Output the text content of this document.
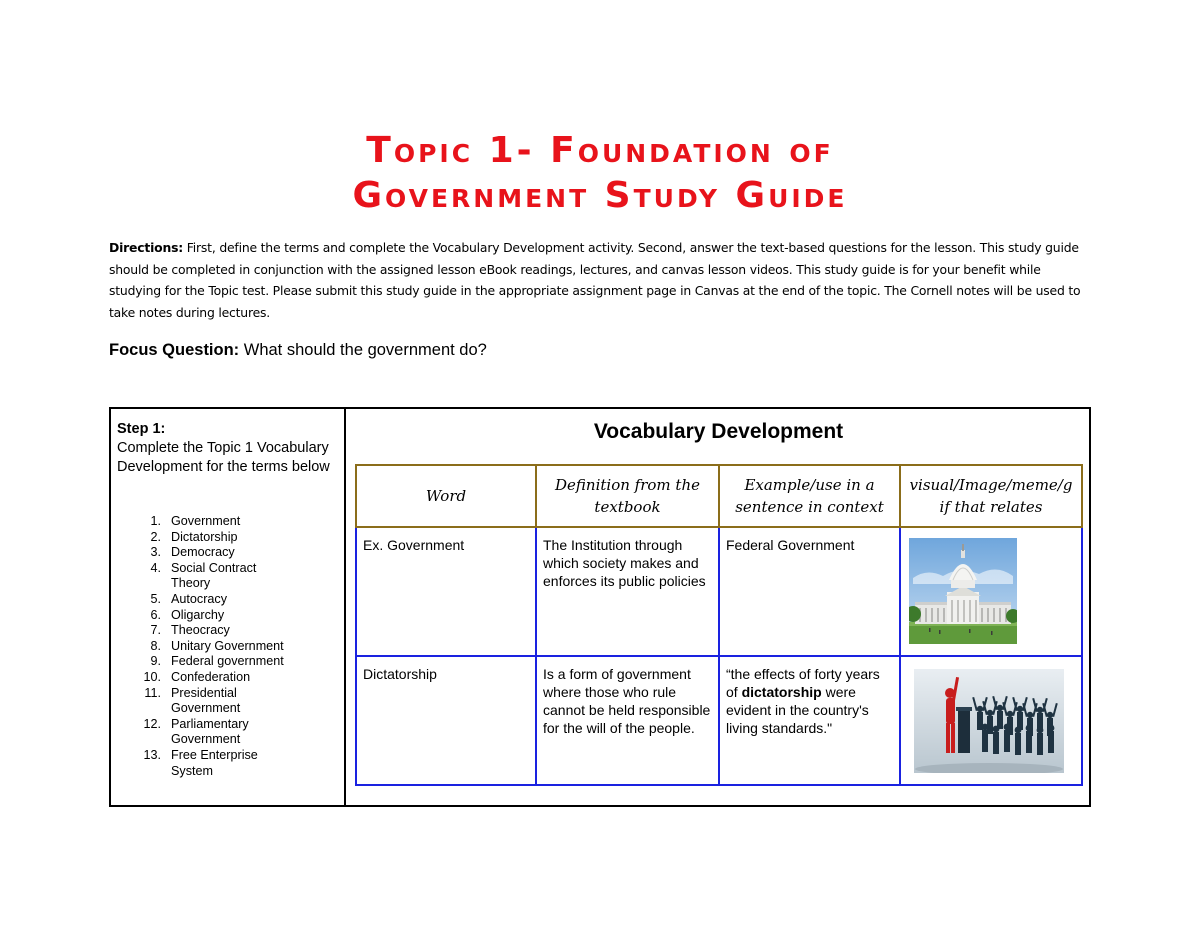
Topic 1- Foundation of
Government Study Guide
Directions: First, define the terms and complete the Vocabulary Development activity. Second, answer the text-based questions for the lesson. This study guide should be completed in conjunction with the assigned lesson eBook readings, lectures, and canvas lesson videos. This study guide is for your benefit while studying for the Topic test. Please submit this study guide in the appropriate assignment page in Canvas at the end of the topic. The Cornell notes will be used to take notes during lectures.
Focus Question: What should the government do?
Step 1:
Complete the Topic 1 Vocabulary Development for the terms below
1. Government
2. Dictatorship
3. Democracy
4. Social Contract  Theory
5. Autocracy
6. Oligarchy
7. Theocracy
8. Unitary Government
9. Federal government
10. Confederation
11. Presidential Government
12. Parliamentary Government
13. Free Enterprise  System
Vocabulary Development
Word	Definition from the textbook	Example/use in a sentence in context	visual/Image/meme/g if that relates
Ex. Government	The Institution through which society makes and enforces its public policies	Federal Government	

Dictatorship	Is a form of government where those who rule cannot be held responsible for the will of the people.	“the effects of forty years of dictatorship were evident in the country's living standards."	
